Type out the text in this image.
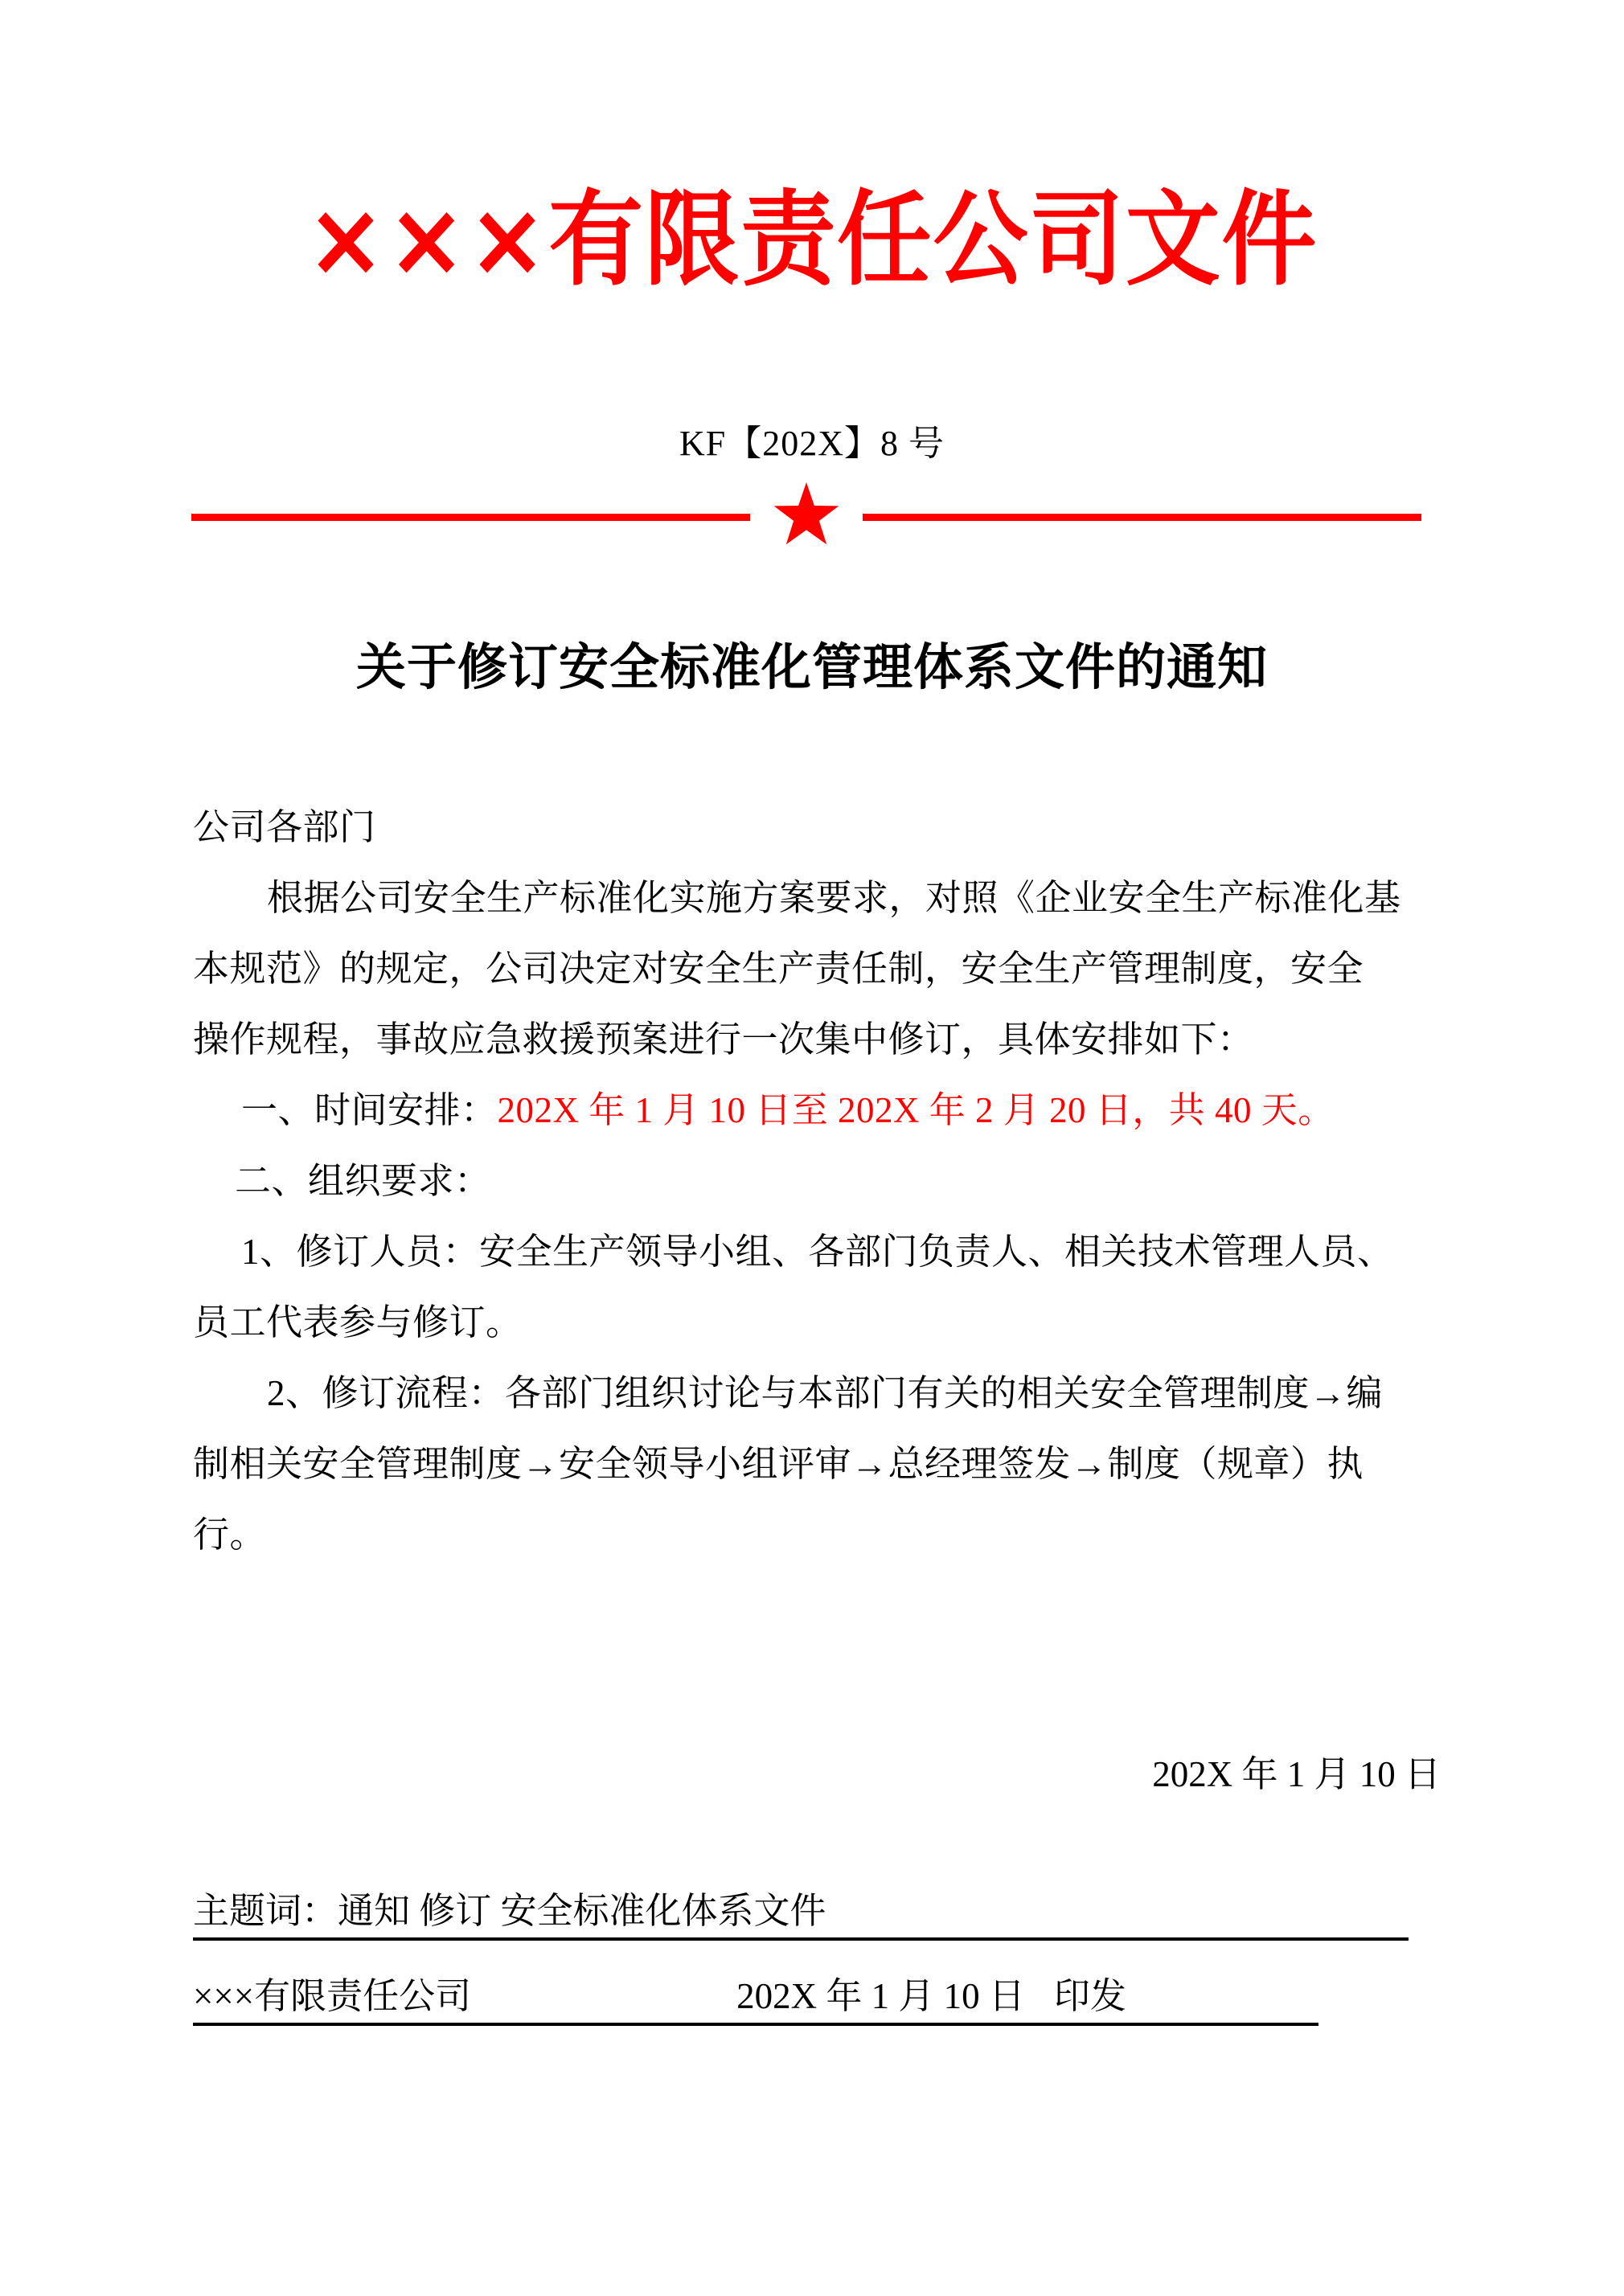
×××有限责任公司文件
KF【202X】8 号
关于修订安全标准化管理体系文件的通知
公司各部门
根据公司安全生产标准化实施方案要求，对照《企业安全生产标准化基
本规范》的规定，公司决定对安全生产责任制，安全生产管理制度，安全
操作规程，事故应急救援预案进行一次集中修订，具体安排如下：
一、时间安排：202X 年 1 月 10 日至 202X 年 2 月 20 日，共 40 天。
二、组织要求：
1、修订人员：安全生产领导小组、各部门负责人、相关技术管理人员、
员工代表参与修订。
2、修订流程：各部门组织讨论与本部门有关的相关安全管理制度→编
制相关安全管理制度→安全领导小组评审→总经理签发→制度（规章）执
行。
202X 年 1 月 10 日
主题词：通知 修订 安全标准化体系文件
×××有限责任公司	202X 年 1 月 10 日 印发
